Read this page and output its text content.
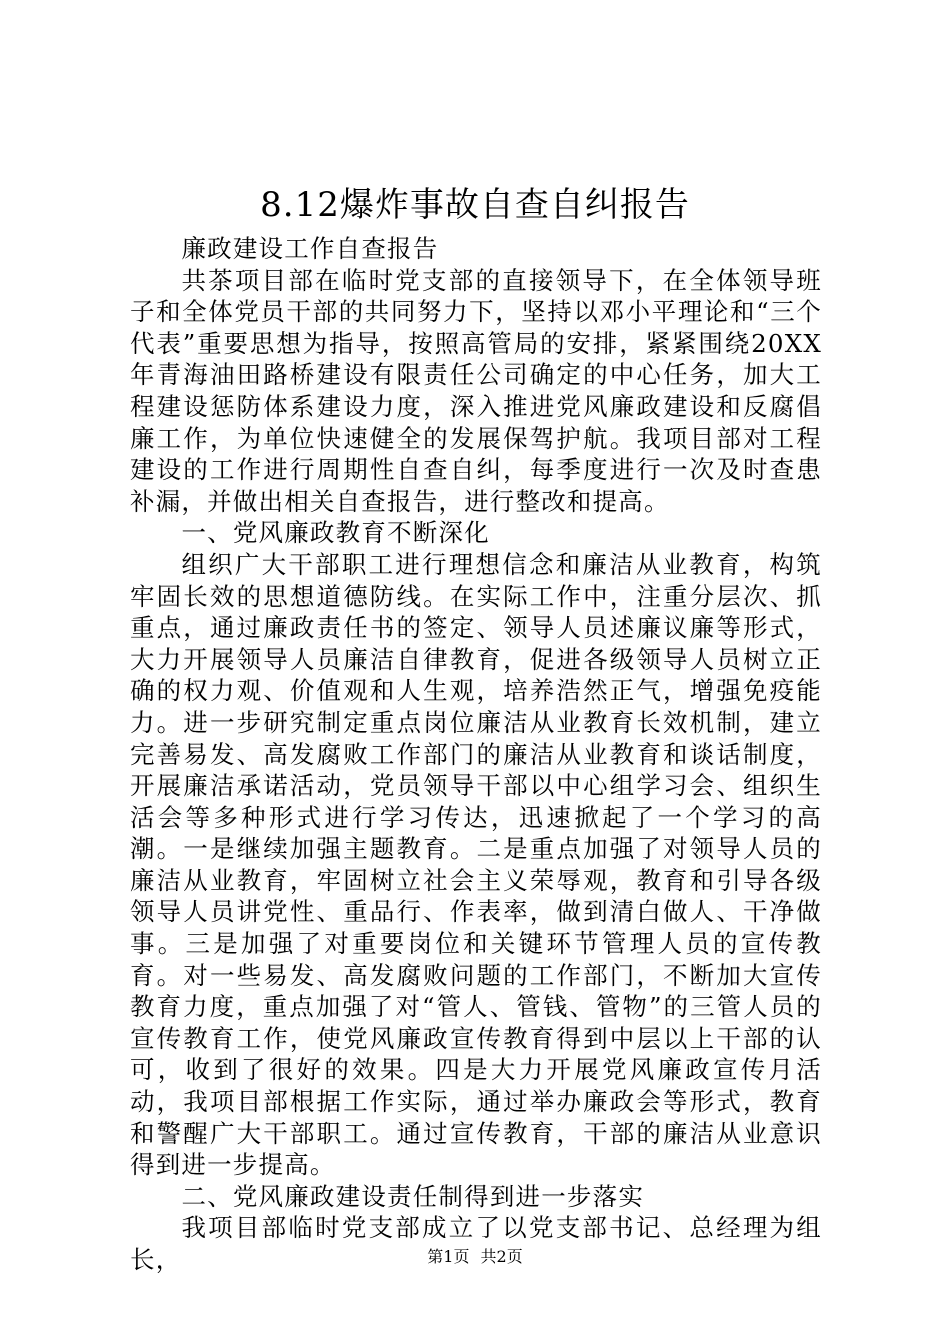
8.12爆炸事故自查自纠报告

廉政建设工作自查报告

共茶项目部在临时党支部的直接领导下，在全体领导班子和全体党员干部的共同努力下，坚持以邓小平理论和“三个代表”重要思想为指导，按照高管局的安排，紧紧围绕20XX年青海油田路桥建设有限责任公司确定的中心任务，加大工程建设惩防体系建设力度，深入推进党风廉政建设和反腐倡廉工作，为单位快速健全的发展保驾护航。我项目部对工程建设的工作进行周期性自查自纠，每季度进行一次及时查患补漏，并做出相关自查报告，进行整改和提高。

一、党风廉政教育不断深化

组织广大干部职工进行理想信念和廉洁从业教育，构筑牢固长效的思想道德防线。在实际工作中，注重分层次、抓重点，通过廉政责任书的签定、领导人员述廉议廉等形式，大力开展领导人员廉洁自律教育，促进各级领导人员树立正确的权力观、价值观和人生观，培养浩然正气，增强免疫能力。进一步研究制定重点岗位廉洁从业教育长效机制，建立完善易发、高发腐败工作部门的廉洁从业教育和谈话制度，开展廉洁承诺活动，党员领导干部以中心组学习会、组织生活会等多种形式进行学习传达，迅速掀起了一个学习的高潮。一是继续加强主题教育。二是重点加强了对领导人员的廉洁从业教育，牢固树立社会主义荣辱观，教育和引导各级领导人员讲党性、重品行、作表率，做到清白做人、干净做事。三是加强了对重要岗位和关键环节管理人员的宣传教育。对一些易发、高发腐败问题的工作部门，不断加大宣传教育力度，重点加强了对“管人、管钱、管物”的三管人员的宣传教育工作，使党风廉政宣传教育得到中层以上干部的认可，收到了很好的效果。四是大力开展党风廉政宣传月活动，我项目部根据工作实际，通过举办廉政会等形式，教育和警醒广大干部职工。通过宣传教育，干部的廉洁从业意识得到进一步提高。

二、党风廉政建设责任制得到进一步落实

我项目部临时党支部成立了以党支部书记、总经理为组长，	第1页 共2页
